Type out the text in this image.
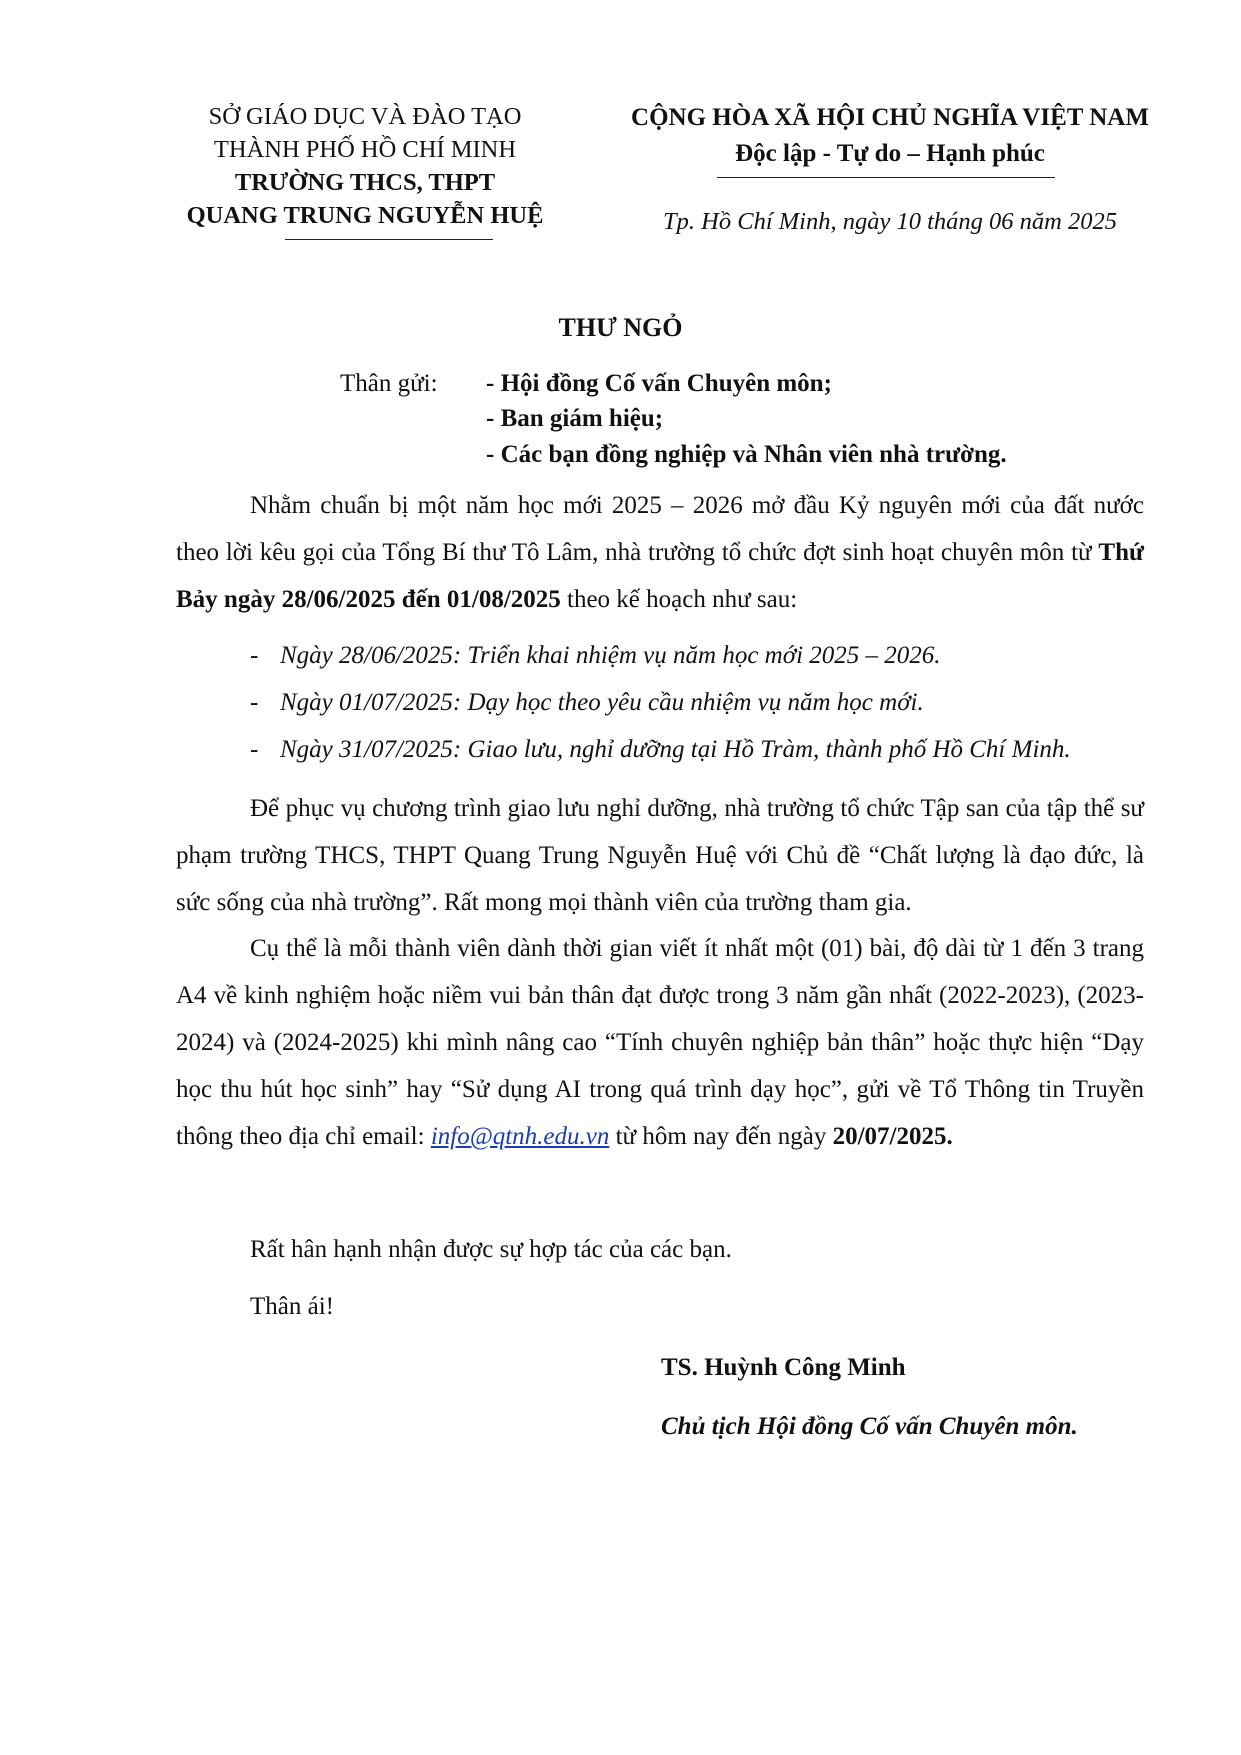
SỞ GIÁO DỤC VÀ ĐÀO TẠO
THÀNH PHỐ HỒ CHÍ MINH
TRƯỜNG THCS, THPT
QUANG TRUNG NGUYỄN HUỆ
CỘNG HÒA XÃ HỘI CHỦ NGHĨA VIỆT NAM
Độc lập - Tự do – Hạnh phúc
Tp. Hồ Chí Minh, ngày 10 tháng 06 năm 2025
THƯ NGỎ
Thân gửi: - Hội đồng Cố vấn Chuyên môn;
- Ban giám hiệu;
- Các bạn đồng nghiệp và Nhân viên nhà trường.
Nhằm chuẩn bị một năm học mới 2025 – 2026 mở đầu Kỷ nguyên mới của đất nước theo lời kêu gọi của Tổng Bí thư Tô Lâm, nhà trường tổ chức đợt sinh hoạt chuyên môn từ Thứ Bảy ngày 28/06/2025 đến 01/08/2025 theo kế hoạch như sau:
- Ngày 28/06/2025: Triển khai nhiệm vụ năm học mới 2025 – 2026.
- Ngày 01/07/2025: Dạy học theo yêu cầu nhiệm vụ năm học mới.
- Ngày 31/07/2025: Giao lưu, nghỉ dưỡng tại Hồ Tràm, thành phố Hồ Chí Minh.
Để phục vụ chương trình giao lưu nghỉ dưỡng, nhà trường tổ chức Tập san của tập thể sư phạm trường THCS, THPT Quang Trung Nguyễn Huệ với Chủ đề “Chất lượng là đạo đức, là sức sống của nhà trường”. Rất mong mọi thành viên của trường tham gia.
Cụ thể là mỗi thành viên dành thời gian viết ít nhất một (01) bài, độ dài từ 1 đến 3 trang A4 về kinh nghiệm hoặc niềm vui bản thân đạt được trong 3 năm gần nhất (2022-2023), (2023-2024) và (2024-2025) khi mình nâng cao “Tính chuyên nghiệp bản thân” hoặc thực hiện “Dạy học thu hút học sinh” hay “Sử dụng AI trong quá trình dạy học”, gửi về Tổ Thông tin Truyền thông theo địa chỉ email: info@qtnh.edu.vn từ hôm nay đến ngày 20/07/2025.
Rất hân hạnh nhận được sự hợp tác của các bạn.
Thân ái!
TS. Huỳnh Công Minh
Chủ tịch Hội đồng Cố vấn Chuyên môn.
